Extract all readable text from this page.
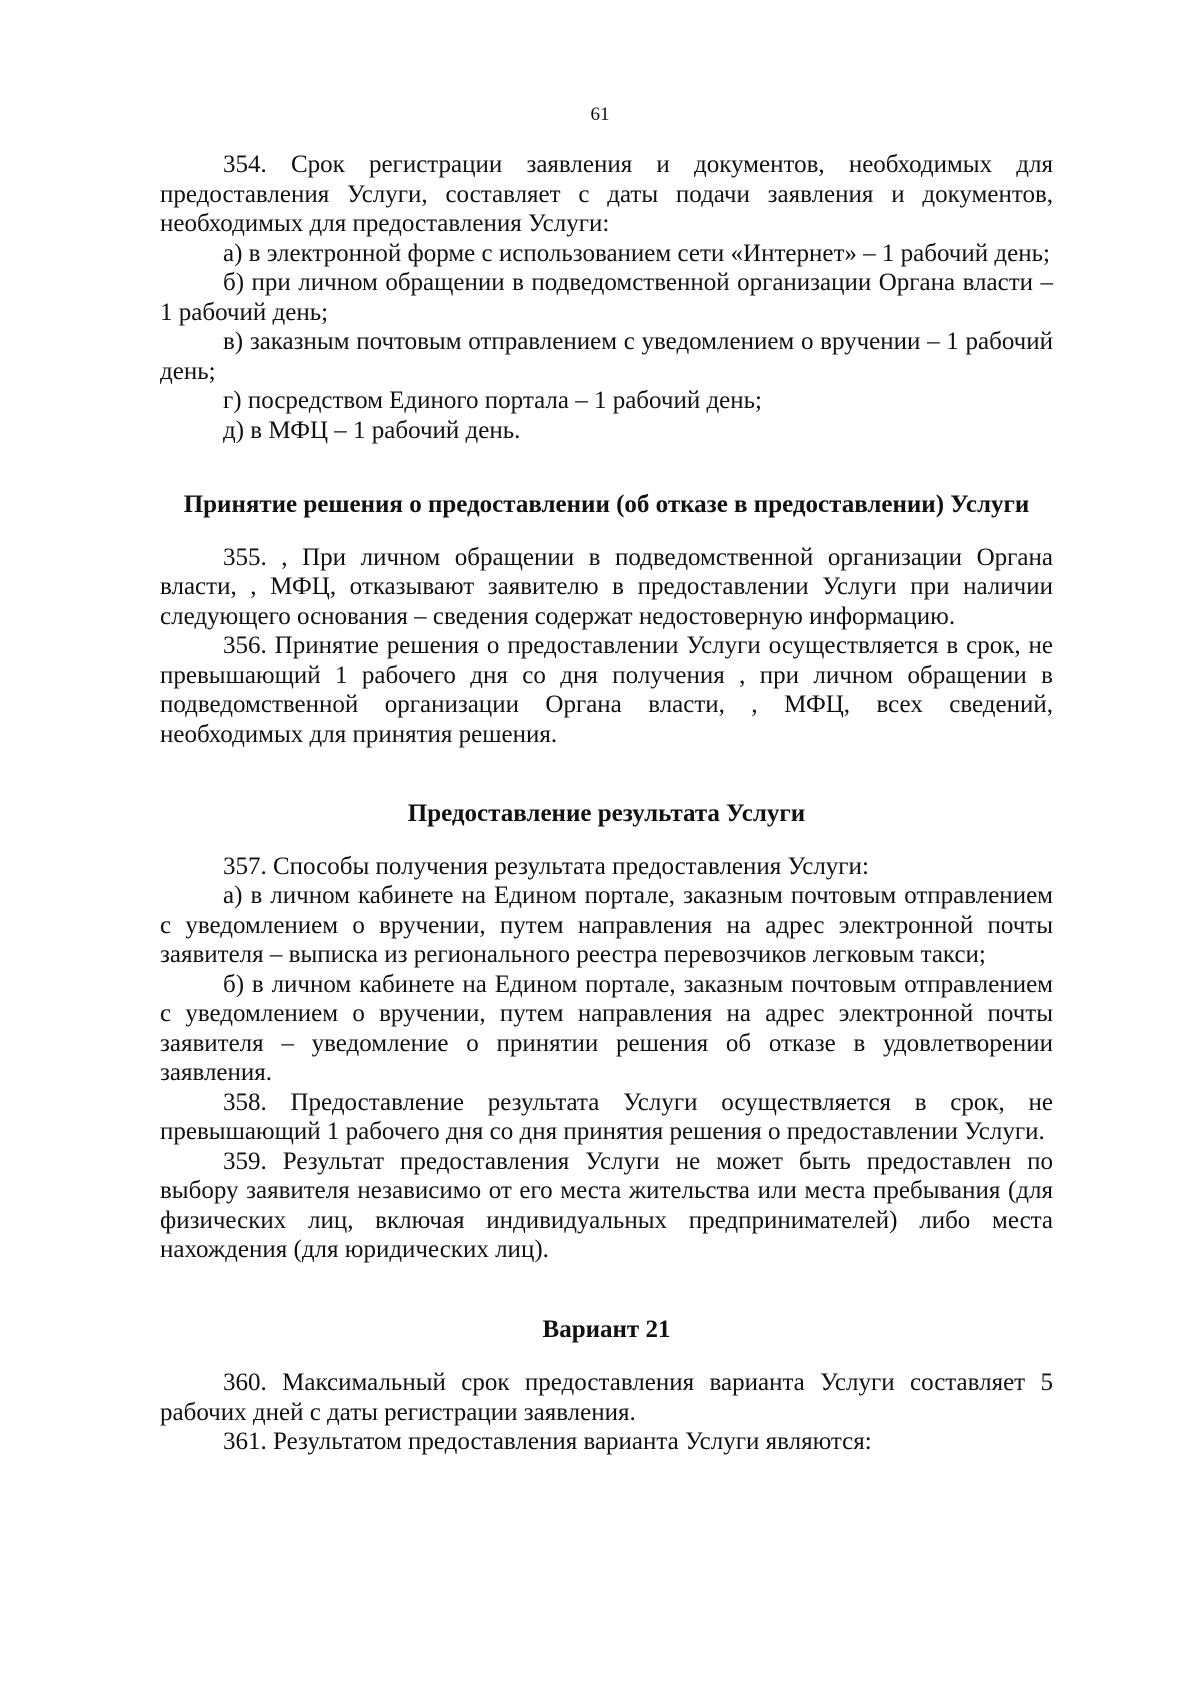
61

354. Срок регистрации заявления и документов, необходимых для предоставления Услуги, составляет с даты подачи заявления и документов, необходимых для предоставления Услуги:

а) в электронной форме с использованием сети «Интернет» – 1 рабочий день;

б) при личном обращении в подведомственной организации Органа власти – 1 рабочий день;

в) заказным почтовым отправлением с уведомлением о вручении – 1 рабочий день;

г) посредством Единого портала – 1 рабочий день;

д) в МФЦ – 1 рабочий день.

Принятие решения о предоставлении (об отказе в предоставлении) Услуги

355. , При личном обращении в подведомственной организации Органа власти, , МФЦ, отказывают заявителю в предоставлении Услуги при наличии следующего основания – сведения содержат недостоверную информацию.

356. Принятие решения о предоставлении Услуги осуществляется в срок, не превышающий 1 рабочего дня со дня получения , при личном обращении в подведомственной организации Органа власти, , МФЦ, всех сведений, необходимых для принятия решения.

Предоставление результата Услуги

357. Способы получения результата предоставления Услуги:

а) в личном кабинете на Едином портале, заказным почтовым отправлением с уведомлением о вручении, путем направления на адрес электронной почты заявителя – выписка из регионального реестра перевозчиков легковым такси;

б) в личном кабинете на Едином портале, заказным почтовым отправлением с уведомлением о вручении, путем направления на адрес электронной почты заявителя – уведомление о принятии решения об отказе в удовлетворении заявления.

358. Предоставление результата Услуги осуществляется в срок, не превышающий 1 рабочего дня со дня принятия решения о предоставлении Услуги.

359. Результат предоставления Услуги не может быть предоставлен по выбору заявителя независимо от его места жительства или места пребывания (для физических лиц, включая индивидуальных предпринимателей) либо места нахождения (для юридических лиц).

Вариант 21

360. Максимальный срок предоставления варианта Услуги составляет 5 рабочих дней с даты регистрации заявления.

361. Результатом предоставления варианта Услуги являются:
